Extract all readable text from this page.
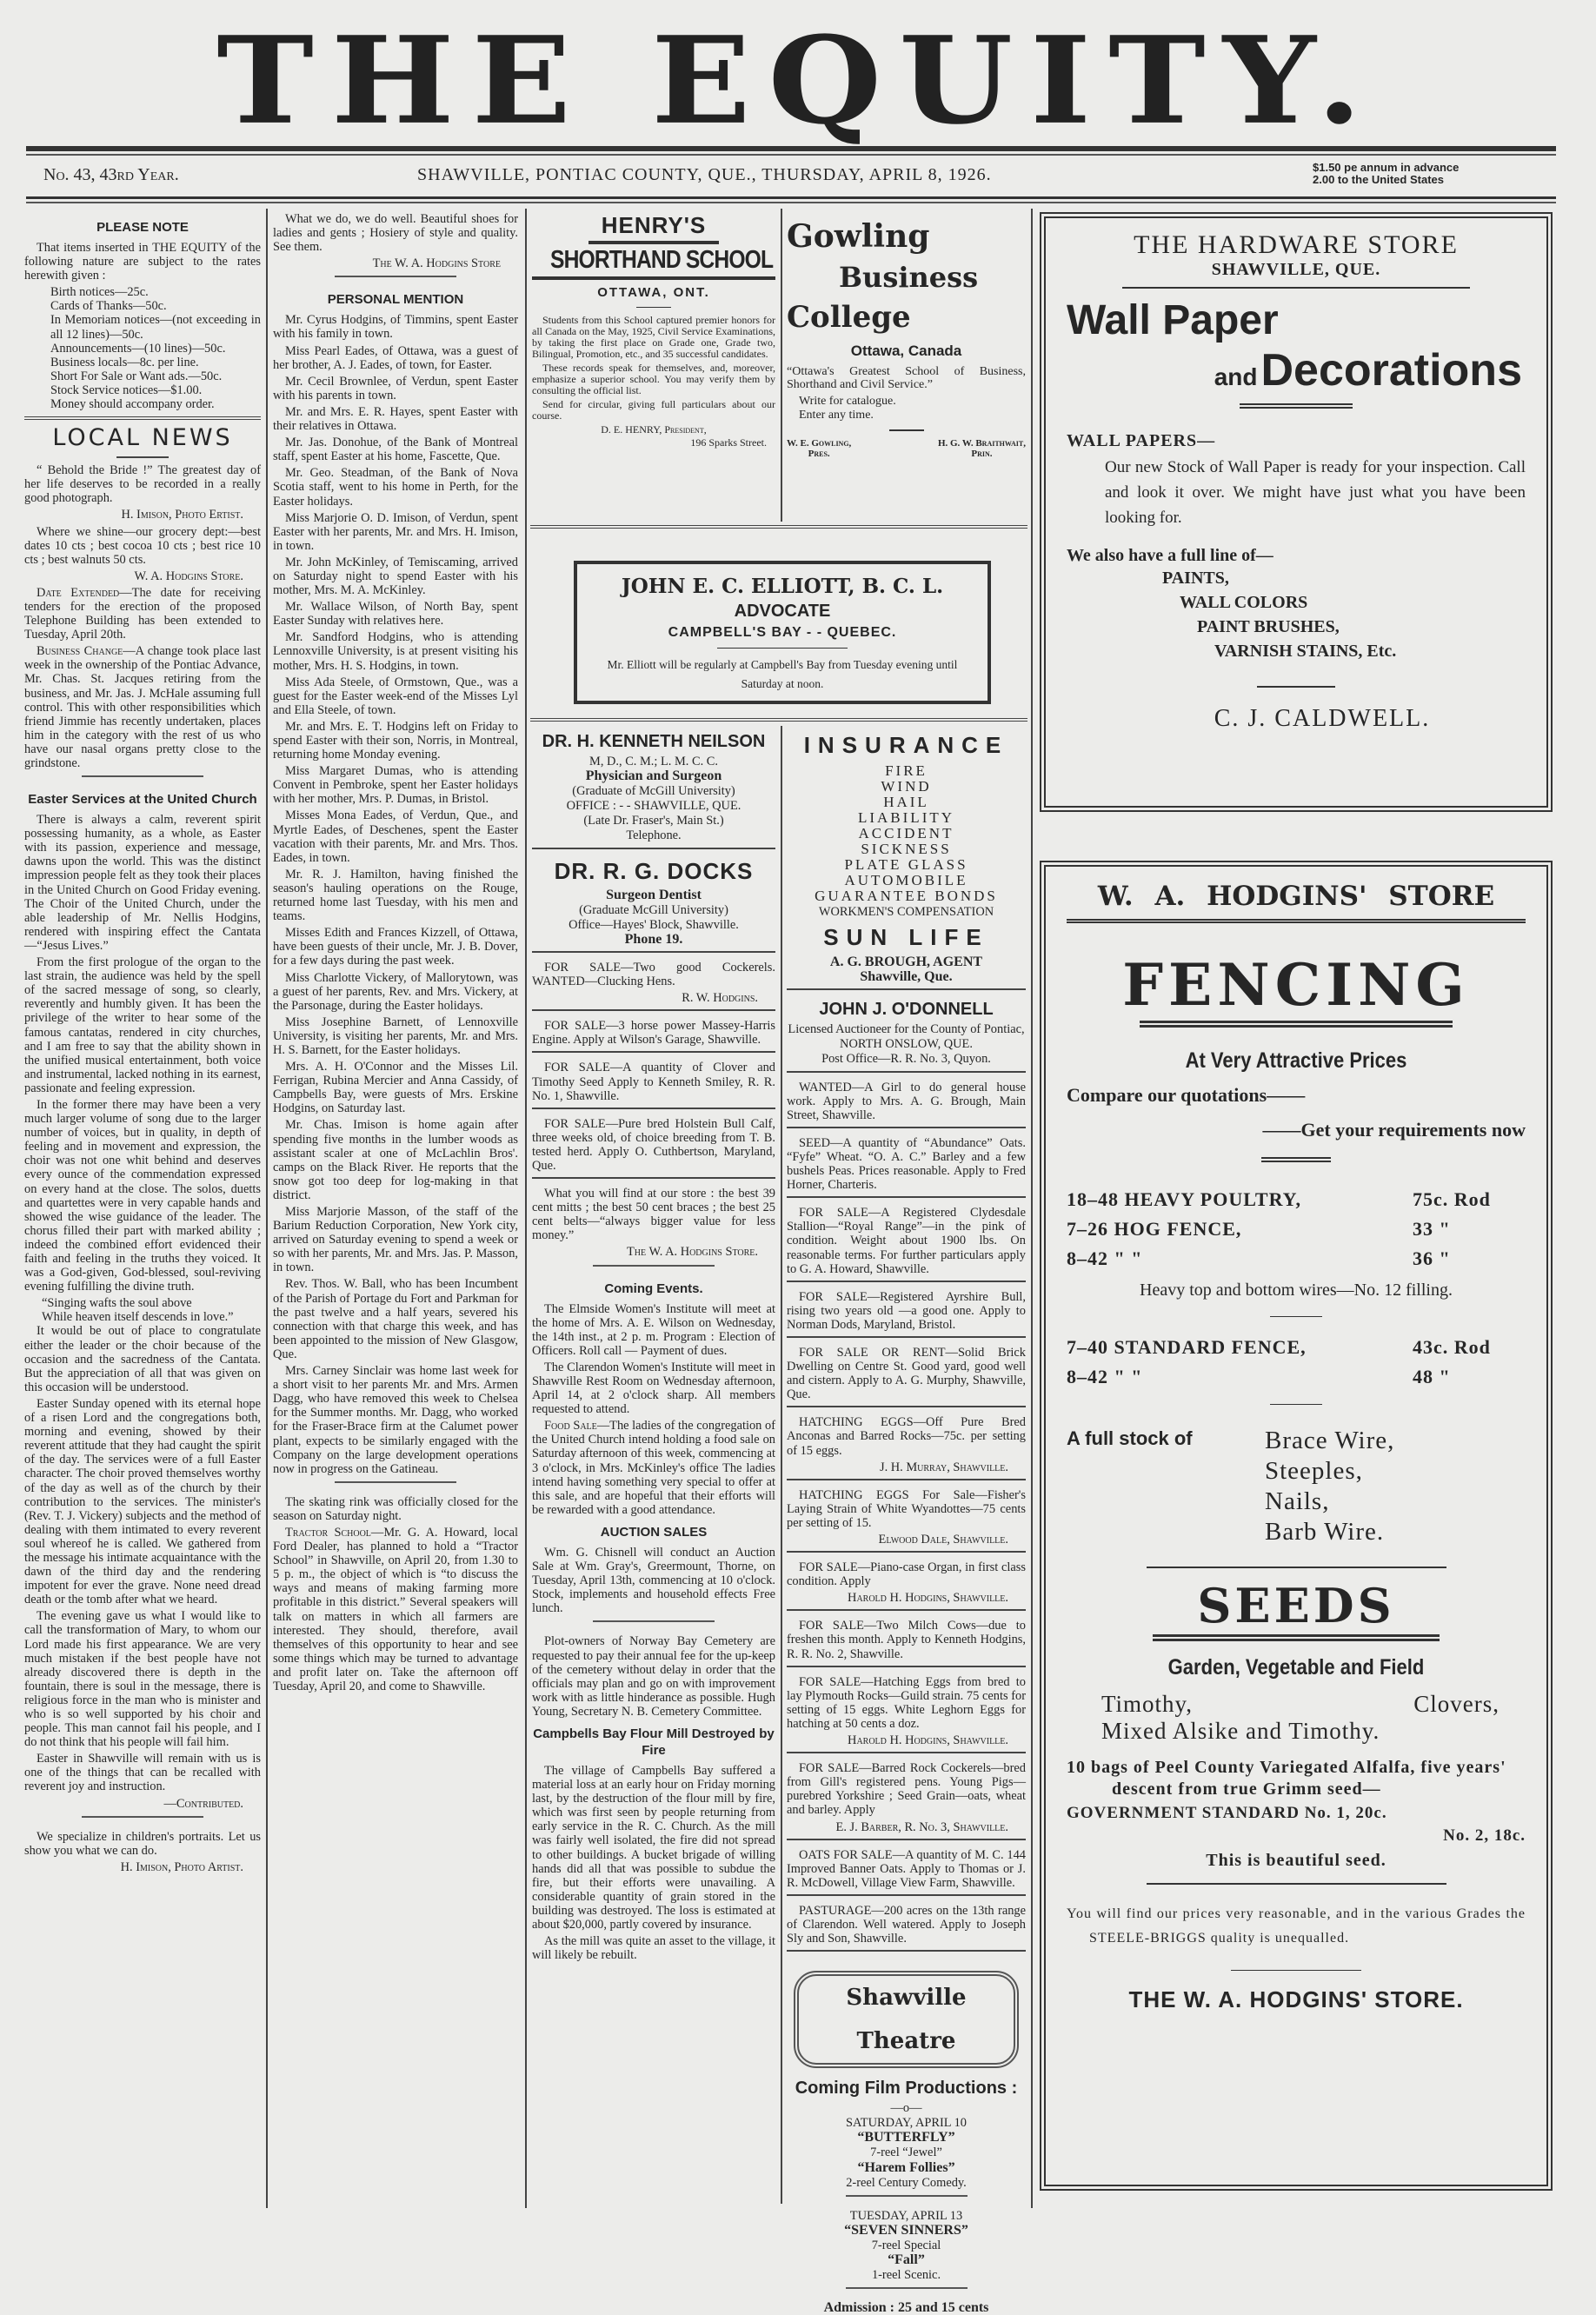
THE EQUITY.
No. 43, 43rd Year.	SHAWVILLE, PONTIAC COUNTY, QUE., THURSDAY, APRIL 8, 1926.	$1.50 pe annum in advance
2.00 to the United States

PLEASE NOTE

That items inserted in THE EQUITY of the following nature are subject to the rates herewith given :

Birth notices—25c.

Cards of Thanks—50c.

In Memoriam notices—(not exceeding in all 12 lines)—50c.

Announcements—(10 lines)—50c.

Business locals—8c. per line.

Short For Sale or Want ads.—50c.

Stock Service notices—$1.00.

Money should accompany order.

LOCAL NEWS

“ Behold the Bride !” The greatest day of her life deserves to be recorded in a really good photograph.

H. Imison, Photo Ertist.

Where we shine—our grocery dept:—best dates 10 cts ; best cocoa 10 cts ; best rice 10 cts ; best walnuts 50 cts.

W. A. Hodgins Store.

Date Extended—The date for receiving tenders for the erection of the proposed Telephone Building has been extended to Tuesday, April 20th.

Business Change—A change took place last week in the ownership of the Pontiac Advance, Mr. Chas. St. Jacques retiring from the business, and Mr. Jas. J. McHale assuming full control. This with other responsibilities which friend Jimmie has recently undertaken, places him in the category with the rest of us who have our nasal organs pretty close to the grindstone.

Easter Services at the United Church

There is always a calm, reverent spirit possessing humanity, as a whole, as Easter with its passion, experience and message, dawns upon the world. This was the distinct impression people felt as they took their places in the United Church on Good Friday evening. The Choir of the United Church, under the able leadership of Mr. Nellis Hodgins, rendered with inspiring effect the Cantata—“Jesus Lives.”

From the first prologue of the organ to the last strain, the audience was held by the spell of the sacred message of song, so clearly, reverently and humbly given. It has been the privilege of the writer to hear some of the famous cantatas, rendered in city churches, and I am free to say that the ability shown in the unified musical entertainment, both voice and instrumental, lacked nothing in its earnest, passionate and feeling expression.

In the former there may have been a very much larger volume of song due to the larger number of voices, but in quality, in depth of feeling and in movement and expression, the choir was not one whit behind and deserves every ounce of the commendation expressed on every hand at the close. The solos, duetts and quartettes were in very capable hands and showed the wise guidance of the leader. The chorus filled their part with marked ability ; indeed the combined effort evidenced their faith and feeling in the truths they voiced. It was a God-given, God-blessed, soul-reviving evening fulfilling the divine truth.

“Singing wafts the soul above

While heaven itself descends in love.”

It would be out of place to congratulate either the leader or the choir because of the occasion and the sacredness of the Cantata. But the appreciation of all that was given on this occasion will be understood.

Easter Sunday opened with its eternal hope of a risen Lord and the congregations both, morning and evening, showed by their reverent attitude that they had caught the spirit of the day. The services were of a full Easter character. The choir proved themselves worthy of the day as well as of the church by their contribution to the services. The minister's (Rev. T. J. Vickery) subjects and the method of dealing with them intimated to every reverent soul whereof he is called. We gathered from the message his intimate acquaintance with the dawn of the third day and the rendering impotent for ever the grave. None need dread death or the tomb after what we heard.

The evening gave us what I would like to call the transformation of Mary, to whom our Lord made his first appearance. We are very much mistaken if the best people have not already discovered there is depth in the fountain, there is soul in the message, there is religious force in the man who is minister and who is so well supported by his choir and people. This man cannot fail his people, and I do not think that his people will fail him.

Easter in Shawville will remain with us is one of the things that can be recalled with reverent joy and instruction.

—Contributed.

We specialize in children's portraits. Let us show you what we can do.

H. Imison, Photo Artist.

What we do, we do well. Beautiful shoes for ladies and gents ; Hosiery of style and quality. See them.

The W. A. Hodgins Store

PERSONAL MENTION

Mr. Cyrus Hodgins, of Timmins, spent Easter with his family in town.

Miss Pearl Eades, of Ottawa, was a guest of her brother, A. J. Eades, of town, for Easter.

Mr. Cecil Brownlee, of Verdun, spent Easter with his parents in town.

Mr. and Mrs. E. R. Hayes, spent Easter with their relatives in Ottawa.

Mr. Jas. Donohue, of the Bank of Montreal staff, spent Easter at his home, Fascette, Que.

Mr. Geo. Steadman, of the Bank of Nova Scotia staff, went to his home in Perth, for the Easter holidays.

Miss Marjorie O. D. Imison, of Verdun, spent Easter with her parents, Mr. and Mrs. H. Imison, in town.

Mr. John McKinley, of Temiscaming, arrived on Saturday night to spend Easter with his mother, Mrs. M. A. McKinley.

Mr. Wallace Wilson, of North Bay, spent Easter Sunday with relatives here.

Mr. Sandford Hodgins, who is attending Lennoxville University, is at present visiting his mother, Mrs. H. S. Hodgins, in town.

Miss Ada Steele, of Ormstown, Que., was a guest for the Easter week-end of the Misses Lyl and Ella Steele, of town.

Mr. and Mrs. E. T. Hodgins left on Friday to spend Easter with their son, Norris, in Montreal, returning home Monday evening.

Miss Margaret Dumas, who is attending Convent in Pembroke, spent her Easter holidays with her mother, Mrs. P. Dumas, in Bristol.

Misses Mona Eades, of Verdun, Que., and Myrtle Eades, of Deschenes, spent the Easter vacation with their parents, Mr. and Mrs. Thos. Eades, in town.

Mr. R. J. Hamilton, having finished the season's hauling operations on the Rouge, returned home last Tuesday, with his men and teams.

Misses Edith and Frances Kizzell, of Ottawa, have been guests of their uncle, Mr. J. B. Dover, for a few days during the past week.

Miss Charlotte Vickery, of Mallorytown, was a guest of her parents, Rev. and Mrs. Vickery, at the Parsonage, during the Easter holidays.

Miss Josephine Barnett, of Lennoxville University, is visiting her parents, Mr. and Mrs. H. S. Barnett, for the Easter holidays.

Mrs. A. H. O'Connor and the Misses Lil. Ferrigan, Rubina Mercier and Anna Cassidy, of Campbells Bay, were guests of Mrs. Erskine Hodgins, on Saturday last.

Mr. Chas. Imison is home again after spending five months in the lumber woods as assistant scaler at one of McLachlin Bros'. camps on the Black River. He reports that the snow got too deep for log-making in that district.

Miss Marjorie Masson, of the staff of the Barium Reduction Corporation, New York city, arrived on Saturday evening to spend a week or so with her parents, Mr. and Mrs. Jas. P. Masson, in town.

Rev. Thos. W. Ball, who has been Incumbent of the Parish of Portage du Fort and Parkman for the past twelve and a half years, severed his connection with that charge this week, and has been appointed to the mission of New Glasgow, Que.

Mrs. Carney Sinclair was home last week for a short visit to her parents Mr. and Mrs. Armen Dagg, who have removed this week to Chelsea for the Summer months. Mr. Dagg, who worked for the Fraser-Brace firm at the Calumet power plant, expects to be similarly engaged with the Company on the large development operations now in progress on the Gatineau.

The skating rink was officially closed for the season on Saturday night.

Tractor School—Mr. G. A. Howard, local Ford Dealer, has planned to hold a “Tractor School” in Shawville, on April 20, from 1.30 to 5 p. m., the object of which is “to discuss the ways and means of making farming more profitable in this district.” Several speakers will talk on matters in which all farmers are interested. They should, therefore, avail themselves of this opportunity to hear and see some things which may be turned to advantage and profit later on. Take the afternoon off Tuesday, April 20, and come to Shawville.

HENRY'S
SHORTHAND SCHOOL
OTTAWA, ONT.
Students from this School captured premier honors for all Canada on the May, 1925, Civil Service Examinations, by taking the first place on Grade one, Grade two, Bilingual, Promotion, etc., and 35 successful candidates.
These records speak for themselves, and, moreover, emphasize a superior school. You may verify them by consulting the official list.
Send for circular, giving full particulars about our course.
D. E. HENRY, President,
196 Sparks Street.
Gowling
Business
College
Ottawa, Canada
“Ottawa's Greatest School of Business, Shorthand and Civil Service.”
Write for catalogue.
Enter any time.
W. E. Gowling,
Pres.
H. G. W. Braithwait,
Prin.
JOHN E. C. ELLIOTT, B. C. L.
ADVOCATE
CAMPBELL'S BAY - - QUEBEC.
Mr. Elliott will be regularly at Campbell's Bay from Tuesday evening until Saturday at noon.

DR. H. KENNETH NEILSON

M, D., C. M.; L. M. C. C.

Physician and Surgeon

(Graduate of McGill University)

OFFICE : - - SHAWVILLE, QUE.

(Late Dr. Fraser's, Main St.)

Telephone.

DR. R. G. DOCKS

Surgeon Dentist

(Graduate McGill University)

Office—Hayes' Block, Shawville.

Phone 19.

FOR SALE—Two good Cockerels. WANTED—Clucking Hens.

R. W. Hodgins.

FOR SALE—3 horse power Massey-Harris Engine. Apply at Wilson's Garage, Shawville.

FOR SALE—A quantity of Clover and Timothy Seed Apply to Kenneth Smiley, R. R. No. 1, Shawville.

FOR SALE—Pure bred Holstein Bull Calf, three weeks old, of choice breeding from T. B. tested herd. Apply O. Cuthbertson, Maryland, Que.

What you will find at our store : the best 39 cent mitts ; the best 50 cent braces ; the best 25 cent belts—“always bigger value for less money.”

The W. A. Hodgins Store.

Coming Events.

The Elmside Women's Institute will meet at the home of Mrs. A. E. Wilson on Wednesday, the 14th inst., at 2 p. m. Program : Election of Officers. Roll call — Payment of dues.

The Clarendon Women's Institute will meet in Shawville Rest Room on Wednesday afternoon, April 14, at 2 o'clock sharp. All members requested to attend.

Food Sale—The ladies of the congregation of the United Church intend holding a food sale on Saturday afternoon of this week, commencing at 3 o'clock, in Mrs. McKinley's office The ladies intend having something very special to offer at this sale, and are hopeful that their efforts will be rewarded with a good attendance.

AUCTION SALES

Wm. G. Chisnell will conduct an Auction Sale at Wm. Gray's, Greermount, Thorne, on Tuesday, April 13th, commencing at 10 o'clock. Stock, implements and household effects Free lunch.

Plot-owners of Norway Bay Cemetery are requested to pay their annual fee for the up-keep of the cemetery without delay in order that the officials may plan and go on with improvement work with as little hinderance as possible. Hugh Young, Secretary N. B. Cemetery Committee.

Campbells Bay Flour Mill Destroyed by Fire

The village of Campbells Bay suffered a material loss at an early hour on Friday morning last, by the destruction of the flour mill by fire, which was first seen by people returning from early service in the R. C. Church. As the mill was fairly well isolated, the fire did not spread to other buildings. A bucket brigade of willing hands did all that was possible to subdue the fire, but their efforts were unavailing. A considerable quantity of grain stored in the building was destroyed. The loss is estimated at about $20,000, partly covered by insurance.

As the mill was quite an asset to the village, it will likely be rebuilt.

INSURANCE

FIRE

WIND

HAIL

LIABILITY

ACCIDENT

SICKNESS

PLATE GLASS

AUTOMOBILE

GUARANTEE BONDS

WORKMEN'S COMPENSATION

SUN LIFE

A. G. BROUGH, AGENT

Shawville, Que.

JOHN J. O'DONNELL

Licensed Auctioneer for the County of Pontiac,

NORTH ONSLOW, QUE.

Post Office—R. R. No. 3, Quyon.

WANTED—A Girl to do general house work. Apply to Mrs. A. G. Brough, Main Street, Shawville.

SEED—A quantity of “Abundance” Oats. “Fyfe” Wheat. “O. A. C.” Barley and a few bushels Peas. Prices reasonable. Apply to Fred Horner, Charteris.

FOR SALE—A Registered Clydesdale Stallion—“Royal Range”—in the pink of condition. Weight about 1900 lbs. On reasonable terms. For further particulars apply to G. A. Howard, Shawville.

FOR SALE—Registered Ayrshire Bull, rising two years old —a good one. Apply to Norman Dods, Maryland, Bristol.

FOR SALE OR RENT—Solid Brick Dwelling on Centre St. Good yard, good well and cistern. Apply to A. G. Murphy, Shawville, Que.

HATCHING EGGS—Off Pure Bred Anconas and Barred Rocks—75c. per setting of 15 eggs.

J. H. Murray, Shawville.

HATCHING EGGS For Sale—Fisher's Laying Strain of White Wyandottes—75 cents per setting of 15.

Elwood Dale, Shawville.

FOR SALE—Piano-case Organ, in first class condition. Apply

Harold H. Hodgins, Shawville.

FOR SALE—Two Milch Cows—due to freshen this month. Apply to Kenneth Hodgins, R. R. No. 2, Shawville.

FOR SALE—Hatching Eggs from bred to lay Plymouth Rocks—Guild strain. 75 cents for setting of 15 eggs. White Leghorn Eggs for hatching at 50 cents a doz.

Harold H. Hodgins, Shawville.

FOR SALE—Barred Rock Cockerels—bred from Gill's registered pens. Young Pigs—purebred Yorkshire ; Seed Grain—oats, wheat and barley. Apply

E. J. Barber, R. No. 3, Shawville.

OATS FOR SALE—A quantity of M. C. 144 Improved Banner Oats. Apply to Thomas or J. R. McDowell, Village View Farm, Shawville.

PASTURAGE—200 acres on the 13th range of Clarendon. Well watered. Apply to Joseph Sly and Son, Shawville.

Shawville Theatre

Coming Film Productions :

—o—

SATURDAY, APRIL 10

“BUTTERFLY”

7-reel “Jewel”

“Harem Follies”

2-reel Century Comedy.

TUESDAY, APRIL 13

“SEVEN SINNERS”

7-reel Special

“Fall”

1-reel Scenic.

Admission : 25 and 15 cents

THE HARDWARE STORE
SHAWVILLE, QUE.
Wall Paper
and Decorations
WALL PAPERS—
Our new Stock of Wall Paper is ready for your inspection. Call and look it over. We might have just what you have been looking for.
We also have a full line of—
PAINTS,
WALL COLORS
PAINT BRUSHES,
VARNISH STAINS, Etc.
C. J. CALDWELL.
W. A. HODGINS' STORE
FENCING
At Very Attractive Prices
Compare our quotations——
——Get your requirements now
18–48 HEAVY POULTRY,	75c. Rod
7–26 HOG FENCE,	33 "
8–42 " "	36 "
Heavy top and bottom wires—No. 12 filling.
7–40 STANDARD FENCE,	43c. Rod
8–42 " "	48 "
A full stock of	Brace Wire,
Steeples,
Nails,
Barb Wire.
SEEDS
Garden, Vegetable and Field
Timothy,	Clovers,
Mixed Alsike and Timothy.
10 bags of Peel County Variegated Alfalfa, five years' descent from true Grimm seed—
GOVERNMENT STANDARD No. 1, 20c.
No. 2, 18c.
This is beautiful seed.
You will find our prices very reasonable, and in the various Grades the STEELE-BRIGGS quality is unequalled.
THE W. A. HODGINS' STORE.
